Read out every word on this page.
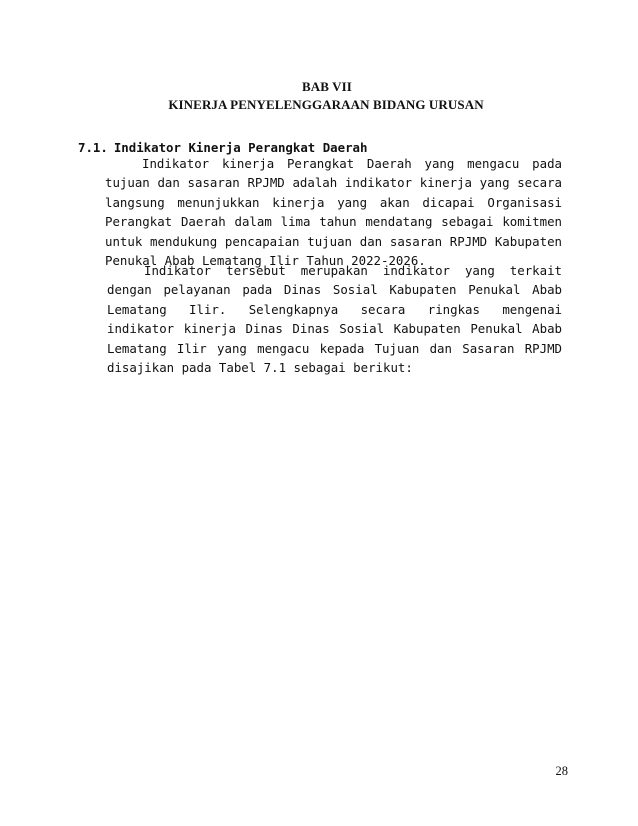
BAB VII
KINERJA PENYELENGGARAAN BIDANG URUSAN
7.1. Indikator Kinerja Perangkat Daerah

Indikator kinerja Perangkat Daerah yang mengacu pada tujuan dan sasaran RPJMD adalah indikator kinerja yang secara langsung menunjukkan kinerja yang akan dicapai Organisasi Perangkat Daerah dalam lima tahun mendatang sebagai komitmen untuk mendukung pencapaian tujuan dan sasaran RPJMD Kabupaten Penukal Abab Lematang Ilir Tahun 2022-2026.

Indikator tersebut merupakan indikator yang terkait dengan pelayanan pada Dinas Sosial Kabupaten Penukal Abab Lematang Ilir. Selengkapnya secara ringkas mengenai indikator kinerja Dinas Dinas Sosial Kabupaten Penukal Abab Lematang Ilir yang mengacu kepada Tujuan dan Sasaran RPJMD disajikan pada Tabel 7.1 sebagai berikut:

28
